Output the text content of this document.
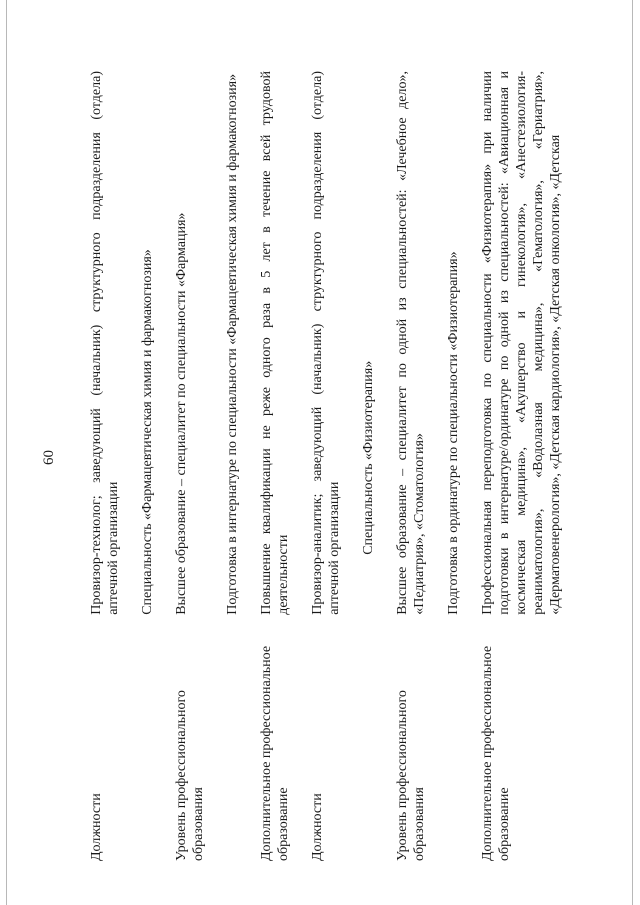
60
Должности	Провизор-технолог; заведующий (начальник) структурного подразделения (отдела) аптечной организации

	Специальность «Фармацевтическая химия и фармакогнозия»

Уровень профессионального образования	Высшее образование – специалитет по специальности «Фармация»

	Подготовка в интернатуре по специальности «Фармацевтическая химия и фармакогнозия»

Дополнительное профессиональное образование	Повышение квалификации не реже одного раза в 5 лет в течение всей трудовой деятельности

Должности	Провизор-аналитик; заведующий (начальник) структурного подразделения (отдела) аптечной организации

	Специальность «Физиотерапия»

Уровень профессионального образования	Высшее образование – специалитет по одной из специальностей: «Лечебное дело», «Педиатрия», «Стоматология»

	Подготовка в ординатуре по специальности «Физиотерапия»

Дополнительное профессиональное образование	Профессиональная переподготовка по специальности «Физиотерапия» при наличии подготовки в интернатуре/ординатуре по одной из специальностей: «Авиационная и космическая медицина», «Акушерство и гинекология», «Анестезиология-реаниматология», «Водолазная медицина», «Гематология», «Гериатрия», «Дерматовенерология», «Детская кардиология», «Детская онкология», «Детская
